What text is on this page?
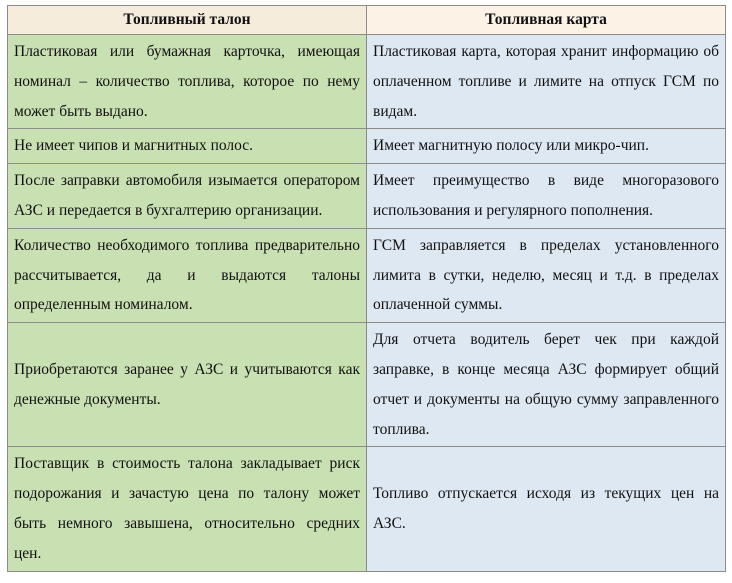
Топливный талон	Топливная карта
Пластиковая или бумажная карточка, имеющая номинал – количество топлива, которое по нему может быть выдано.	Пластиковая карта, которая хранит информацию об оплаченном топливе и лимите на отпуск ГСМ по видам.
Не имеет чипов и магнитных полос.	Имеет магнитную полосу или микро-чип.
После заправки автомобиля изымается оператором АЗС и передается в бухгалтерию организации.	Имеет преимущество в виде многоразового использования и регулярного пополнения.
Количество необходимого топлива предварительно рассчитывается, да и выдаются талоны определенным номиналом.	ГСМ заправляется в пределах установленного лимита в сутки, неделю, месяц и т.д. в пределах оплаченной суммы.
Приобретаются заранее у АЗС и учитываются как денежные документы.	Для отчета водитель берет чек при каждой заправке, в конце месяца АЗС формирует общий отчет и документы на общую сумму заправленного топлива.
Поставщик в стоимость талона закладывает риск подорожания и зачастую цена по талону может быть немного завышена, относительно средних цен.	Топливо отпускается исходя из текущих цен на АЗС.
